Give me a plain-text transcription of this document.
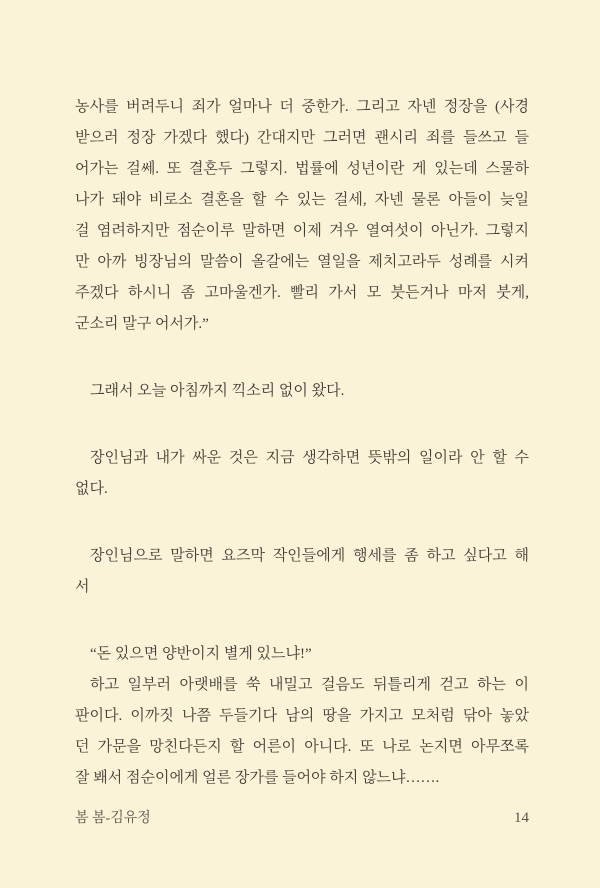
농사를 버려두니 죄가 얼마나 더 중한가. 그리고 자넨 정장을 (사경
받으러 정장 가겠다 했다) 간대지만 그러면 괜시리 죄를 들쓰고 들
어가는 걸쎄. 또 결혼두 그렇지. 법률에 성년이란 게 있는데 스물하
나가 돼야 비로소 결혼을 할 수 있는 걸세, 자넨 물론 아들이 늦일
걸 염려하지만 점순이루 말하면 이제 겨우 열여섯이 아닌가. 그렇지
만 아까 빙장님의 말씀이 올갈에는 열일을 제치고라두 성례를 시켜
주겠다 하시니 좀 고마울겐가. 빨리 가서 모 붓든거나 마저 붓게,
군소리 말구 어서가.”
그래서 오늘 아침까지 끽소리 없이 왔다.
장인님과 내가 싸운 것은 지금 생각하면 뜻밖의 일이라 안 할 수
없다.
장인님으로 말하면 요즈막 작인들에게 행세를 좀 하고 싶다고 해
서
“돈 있으면 양반이지 별게 있느냐!”
하고 일부러 아랫배를 쑥 내밀고 걸음도 뒤틀리게 걷고 하는 이
판이다. 이까짓 나쯤 두들기다 남의 땅을 가지고 모처럼 닦아 놓았
던 가문을 망친다든지 할 어른이 아니다. 또 나로 논지면 아무쪼록
잘 봬서 점순이에게 얼른 장가를 들어야 하지 않느냐…….
봄 봄-김유정	14
